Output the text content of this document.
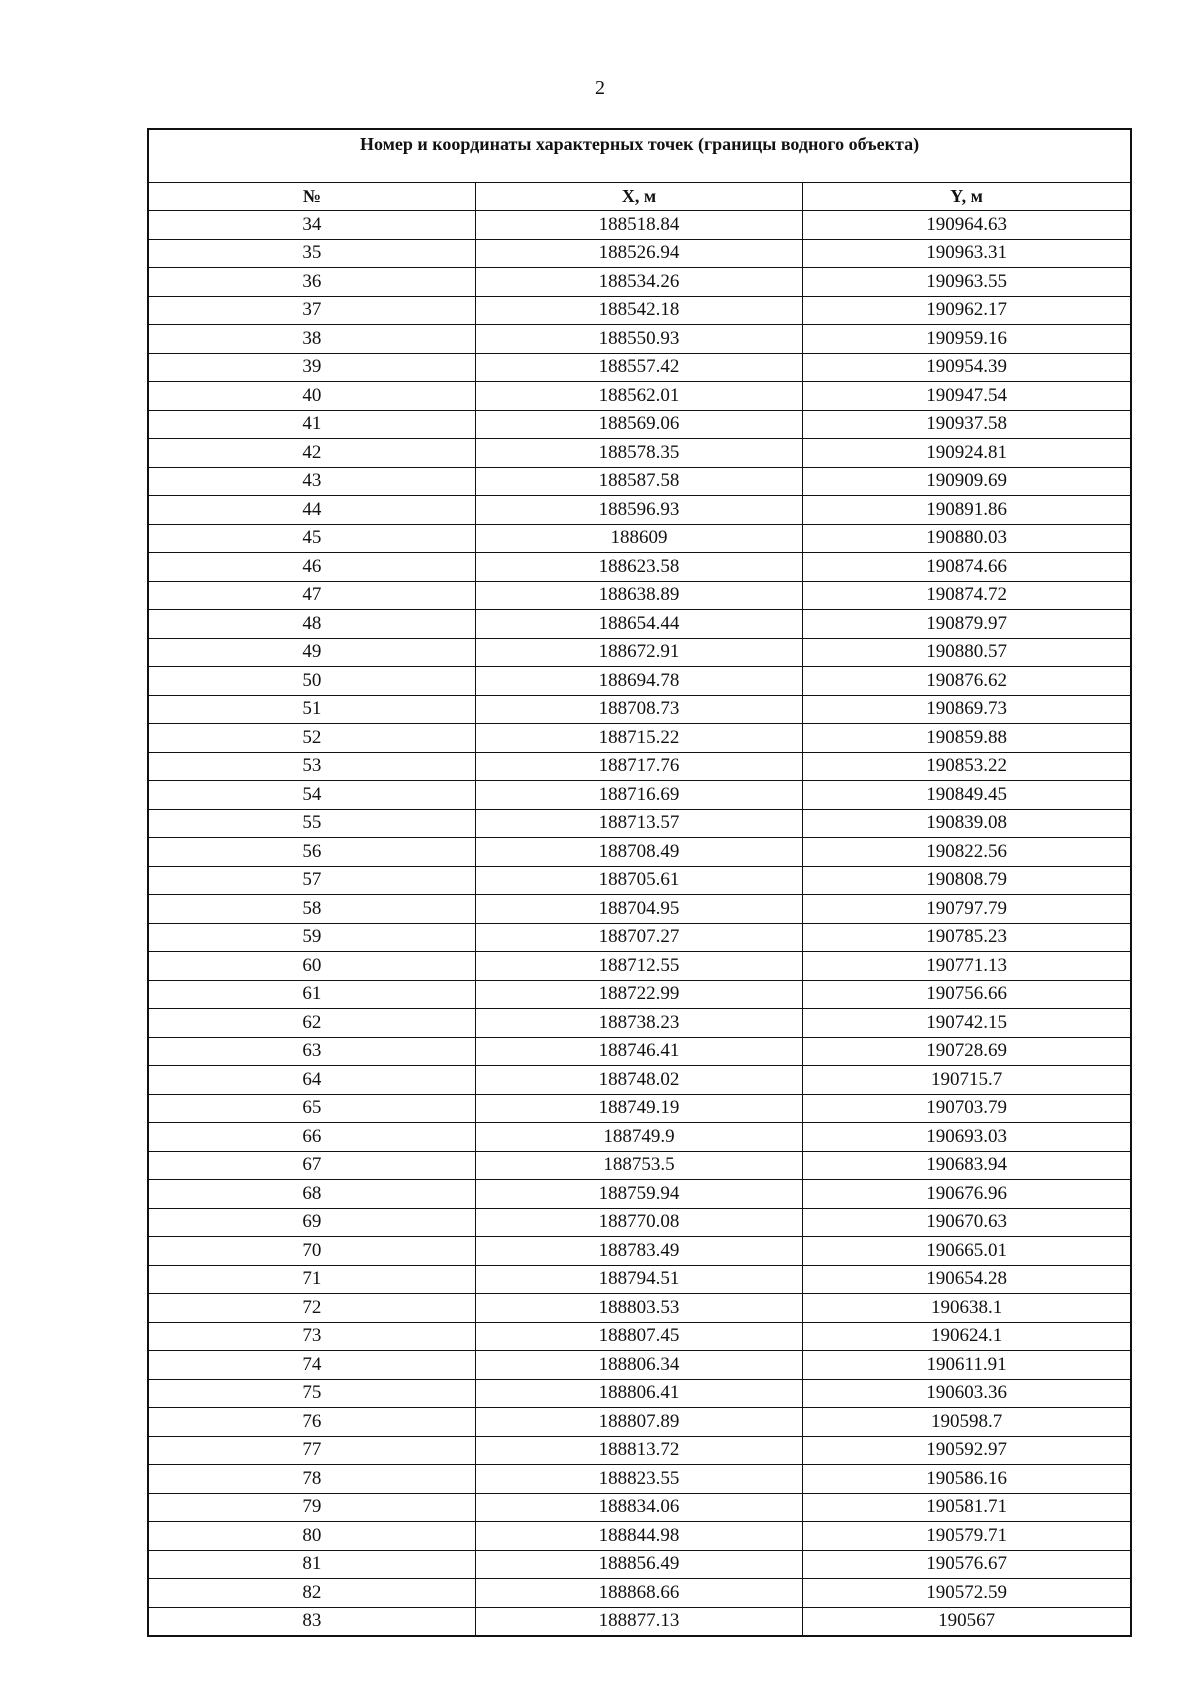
2
Номер и координаты характерных точек (границы водного объекта)		
№	X, м	Y, м
34	188518.84	190964.63
35	188526.94	190963.31
36	188534.26	190963.55
37	188542.18	190962.17
38	188550.93	190959.16
39	188557.42	190954.39
40	188562.01	190947.54
41	188569.06	190937.58
42	188578.35	190924.81
43	188587.58	190909.69
44	188596.93	190891.86
45	188609	190880.03
46	188623.58	190874.66
47	188638.89	190874.72
48	188654.44	190879.97
49	188672.91	190880.57
50	188694.78	190876.62
51	188708.73	190869.73
52	188715.22	190859.88
53	188717.76	190853.22
54	188716.69	190849.45
55	188713.57	190839.08
56	188708.49	190822.56
57	188705.61	190808.79
58	188704.95	190797.79
59	188707.27	190785.23
60	188712.55	190771.13
61	188722.99	190756.66
62	188738.23	190742.15
63	188746.41	190728.69
64	188748.02	190715.7
65	188749.19	190703.79
66	188749.9	190693.03
67	188753.5	190683.94
68	188759.94	190676.96
69	188770.08	190670.63
70	188783.49	190665.01
71	188794.51	190654.28
72	188803.53	190638.1
73	188807.45	190624.1
74	188806.34	190611.91
75	188806.41	190603.36
76	188807.89	190598.7
77	188813.72	190592.97
78	188823.55	190586.16
79	188834.06	190581.71
80	188844.98	190579.71
81	188856.49	190576.67
82	188868.66	190572.59
83	188877.13	190567
